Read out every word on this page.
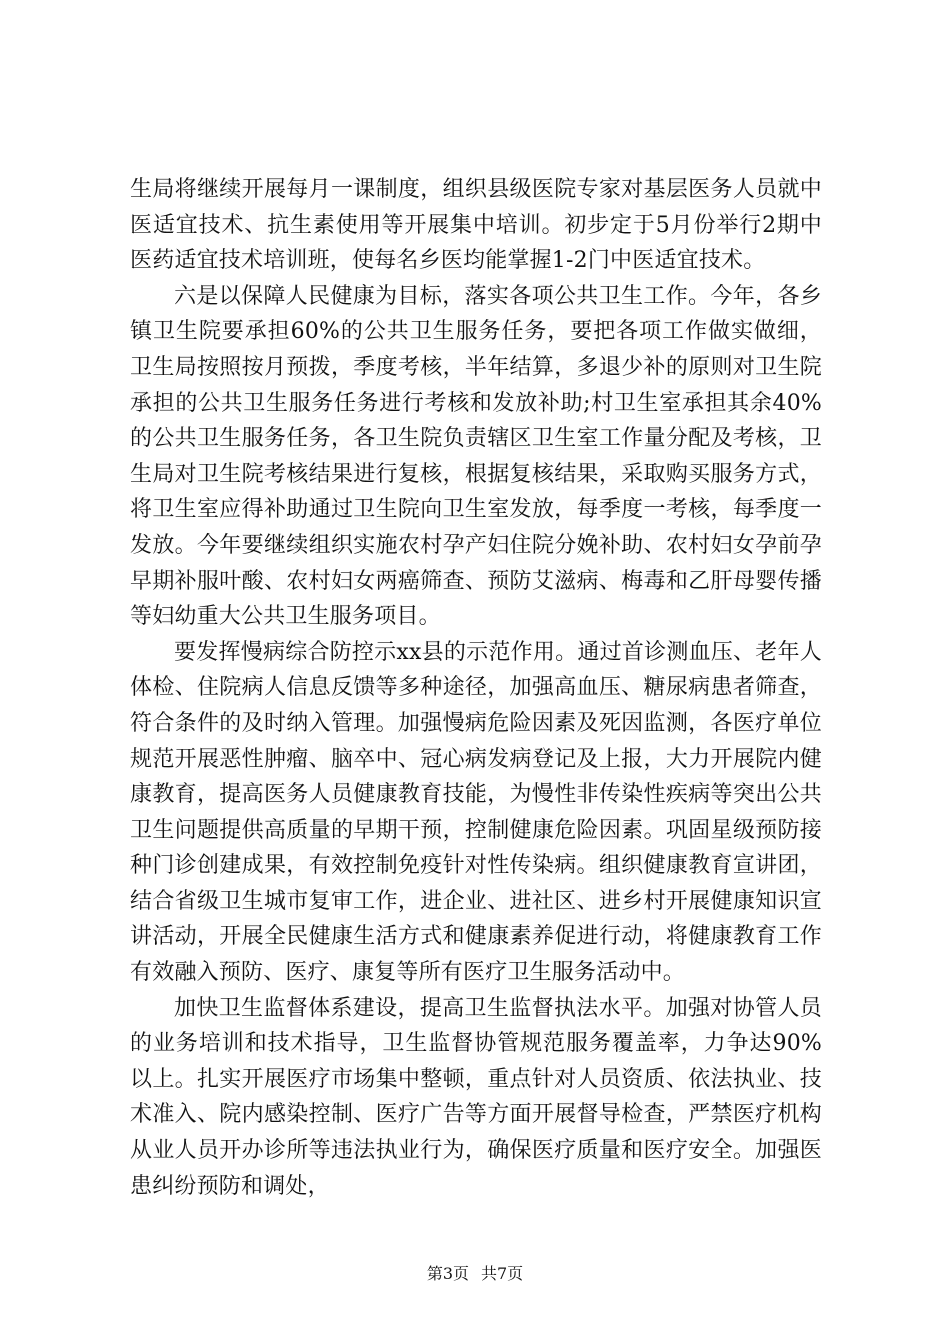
生局将继续开展每月一课制度，组织县级医院专家对基层医务人员就中医适宜技术、抗生素使用等开展集中培训。初步定于5月份举行2期中医药适宜技术培训班，使每名乡医均能掌握1-2门中医适宜技术。

六是以保障人民健康为目标，落实各项公共卫生工作。今年，各乡镇卫生院要承担60%的公共卫生服务任务，要把各项工作做实做细，卫生局按照按月预拨，季度考核，半年结算，多退少补的原则对卫生院承担的公共卫生服务任务进行考核和发放补助;村卫生室承担其余40%的公共卫生服务任务，各卫生院负责辖区卫生室工作量分配及考核，卫生局对卫生院考核结果进行复核，根据复核结果，采取购买服务方式，将卫生室应得补助通过卫生院向卫生室发放，每季度一考核，每季度一发放。今年要继续组织实施农村孕产妇住院分娩补助、农村妇女孕前孕早期补服叶酸、农村妇女两癌筛查、预防艾滋病、梅毒和乙肝母婴传播等妇幼重大公共卫生服务项目。

要发挥慢病综合防控示xx县的示范作用。通过首诊测血压、老年人体检、住院病人信息反馈等多种途径，加强高血压、糖尿病患者筛查，符合条件的及时纳入管理。加强慢病危险因素及死因监测，各医疗单位规范开展恶性肿瘤、脑卒中、冠心病发病登记及上报，大力开展院内健康教育，提高医务人员健康教育技能，为慢性非传染性疾病等突出公共卫生问题提供高质量的早期干预，控制健康危险因素。巩固星级预防接种门诊创建成果，有效控制免疫针对性传染病。组织健康教育宣讲团，结合省级卫生城市复审工作，进企业、进社区、进乡村开展健康知识宣讲活动，开展全民健康生活方式和健康素养促进行动，将健康教育工作有效融入预防、医疗、康复等所有医疗卫生服务活动中。

加快卫生监督体系建设，提高卫生监督执法水平。加强对协管人员的业务培训和技术指导，卫生监督协管规范服务覆盖率，力争达90%以上。扎实开展医疗市场集中整顿，重点针对人员资质、依法执业、技术准入、院内感染控制、医疗广告等方面开展督导检查，严禁医疗机构从业人员开办诊所等违法执业行为，确保医疗质量和医疗安全。加强医患纠纷预防和调处，

第3页 共7页
